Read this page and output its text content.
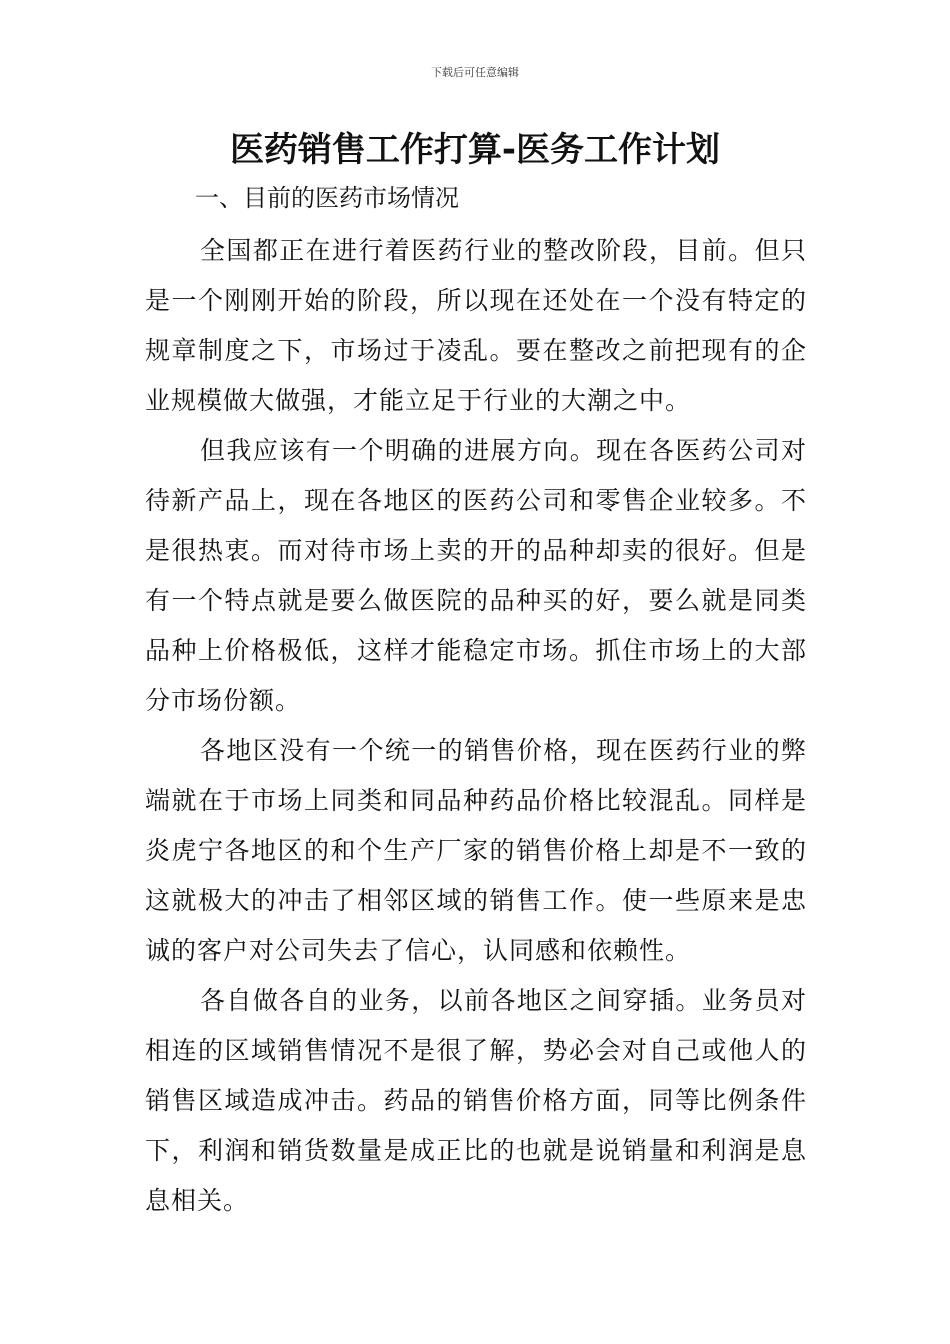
下载后可任意编辑
医药销售工作打算-医务工作计划
一、目前的医药市场情况

全国都正在进行着医药行业的整改阶段，目前。但只是一个刚刚开始的阶段，所以现在还处在一个没有特定的规章制度之下，市场过于凌乱。要在整改之前把现有的企业规模做大做强，才能立足于行业的大潮之中。

但我应该有一个明确的进展方向。现在各医药公司对待新产品上，现在各地区的医药公司和零售企业较多。不是很热衷。而对待市场上卖的开的品种却卖的很好。但是有一个特点就是要么做医院的品种买的好，要么就是同类品种上价格极低，这样才能稳定市场。抓住市场上的大部分市场份额。

各地区没有一个统一的销售价格，现在医药行业的弊端就在于市场上同类和同品种药品价格比较混乱。同样是炎虎宁各地区的和个生产厂家的销售价格上却是不一致的这就极大的冲击了相邻区域的销售工作。使一些原来是忠诚的客户对公司失去了信心，认同感和依赖性。

各自做各自的业务，以前各地区之间穿插。业务员对相连的区域销售情况不是很了解，势必会对自己或他人的销售区域造成冲击。药品的销售价格方面，同等比例条件下，利润和销货数量是成正比的也就是说销量和利润是息息相关。
